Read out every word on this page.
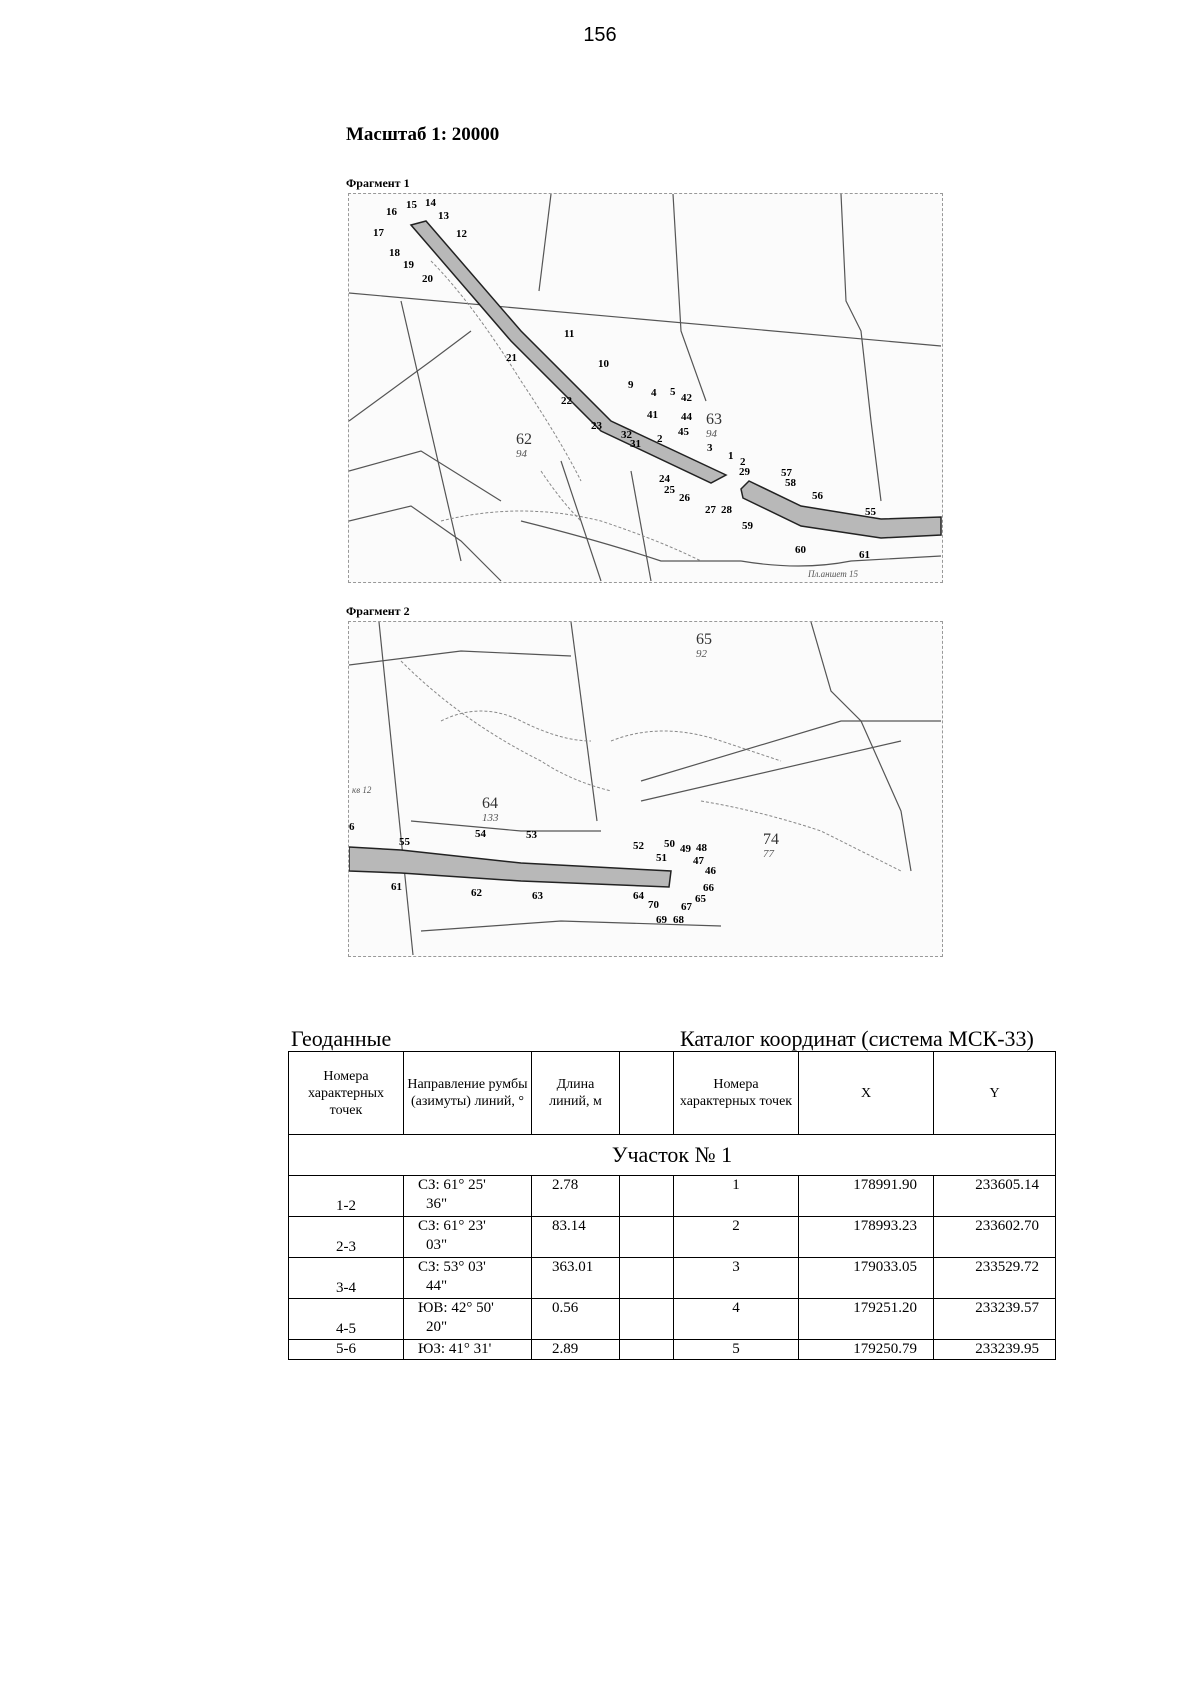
156
Масштаб 1: 20000
Фрагмент 1
15 14
16	13
17	12
18
19
20
11
21	10
9
4 5 42
22
41 44
23	45
32
31 2
3
1 2
29
24
25
26
57
58
56
27 28	55
59
60	61
63
94
62
94
Пл.аншет 15
Фрагмент 2
6
55
54	53
52 50 49 48
51 47
46
61	62	63	64
66
70	65
67
69 68
65
92
64
133
74
77
кв 12
Геоданные	Каталог координат (система МСК-33)
Номера характерных точек	Направление румбы (азимуты) линий, °	Длина линий, м		Номера характерных точек	X	Y
Участок № 1						
1-2	СЗ: 61° 25'
36"	2.78		1	178991.90	233605.14
2-3	СЗ: 61° 23'
03"	83.14		2	178993.23	233602.70
3-4	СЗ: 53° 03'
44"	363.01		3	179033.05	233529.72
4-5	ЮВ: 42° 50'
20"	0.56		4	179251.20	233239.57
5-6	ЮЗ: 41° 31'	2.89		5	179250.79	233239.95
